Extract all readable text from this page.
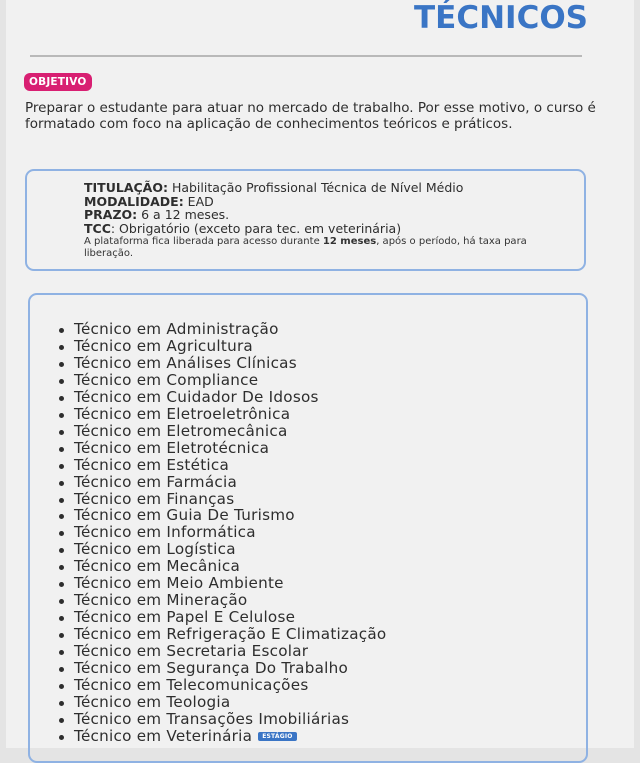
TÉCNICOS
OBJETIVO
Preparar o estudante para atuar no mercado de trabalho. Por esse motivo, o curso é formatado com foco na aplicação de conhecimentos teóricos e práticos.
TITULAÇÃO: Habilitação Profissional Técnica de Nível Médio
MODALIDADE: EAD
PRAZO: 6 a 12 meses.
TCC: Obrigatório (exceto para tec. em veterinária)
A plataforma fica liberada para acesso durante 12 meses, após o período, há taxa para liberação.
Técnico em Administração
Técnico em Agricultura
Técnico em Análises Clínicas
Técnico em Compliance
Técnico em Cuidador De Idosos
Técnico em Eletroeletrônica
Técnico em Eletromecânica
Técnico em Eletrotécnica
Técnico em Estética
Técnico em Farmácia
Técnico em Finanças
Técnico em Guia De Turismo
Técnico em Informática
Técnico em Logística
Técnico em Mecânica
Técnico em Meio Ambiente
Técnico em Mineração
Técnico em Papel E Celulose
Técnico em Refrigeração E Climatização
Técnico em Secretaria Escolar
Técnico em Segurança Do Trabalho
Técnico em Telecomunicações
Técnico em Teologia
Técnico em Transações Imobiliárias
Técnico em Veterinária ESTÁGIO
